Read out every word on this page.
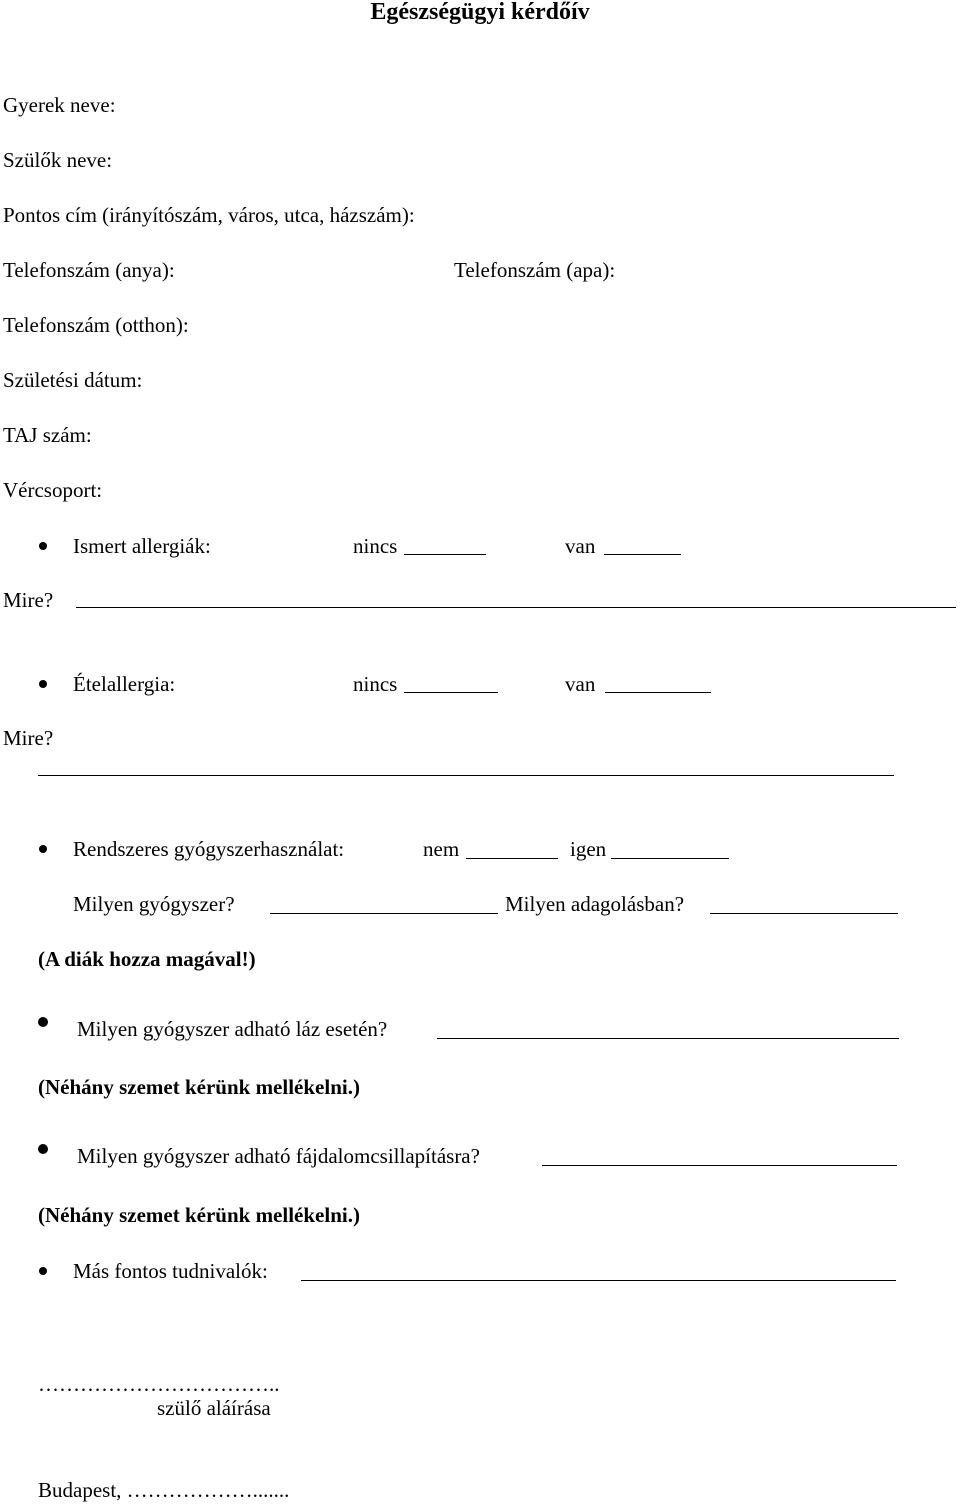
Egészségügyi kérdőív
Gyerek neve:
Szülők neve:
Pontos cím (irányítószám, város, utca, házszám):
Telefonszám (anya):	Telefonszám (apa):
Telefonszám (otthon):
Születési dátum:
TAJ szám:
Vércsoport:
Ismert allergiák:	nincs	van
Mire?
Ételallergia:	nincs	van
Mire?
Rendszeres gyógyszerhasználat:	nem	igen
Milyen gyógyszer?	Milyen adagolásban?
(A diák hozza magával!)
Milyen gyógyszer adható láz esetén?
(Néhány szemet kérünk mellékelni.)
Milyen gyógyszer adható fájdalomcsillapításra?
(Néhány szemet kérünk mellékelni.)
Más fontos tudnivalók:
……………………………..
szülő aláírása
Budapest, ……………….......
